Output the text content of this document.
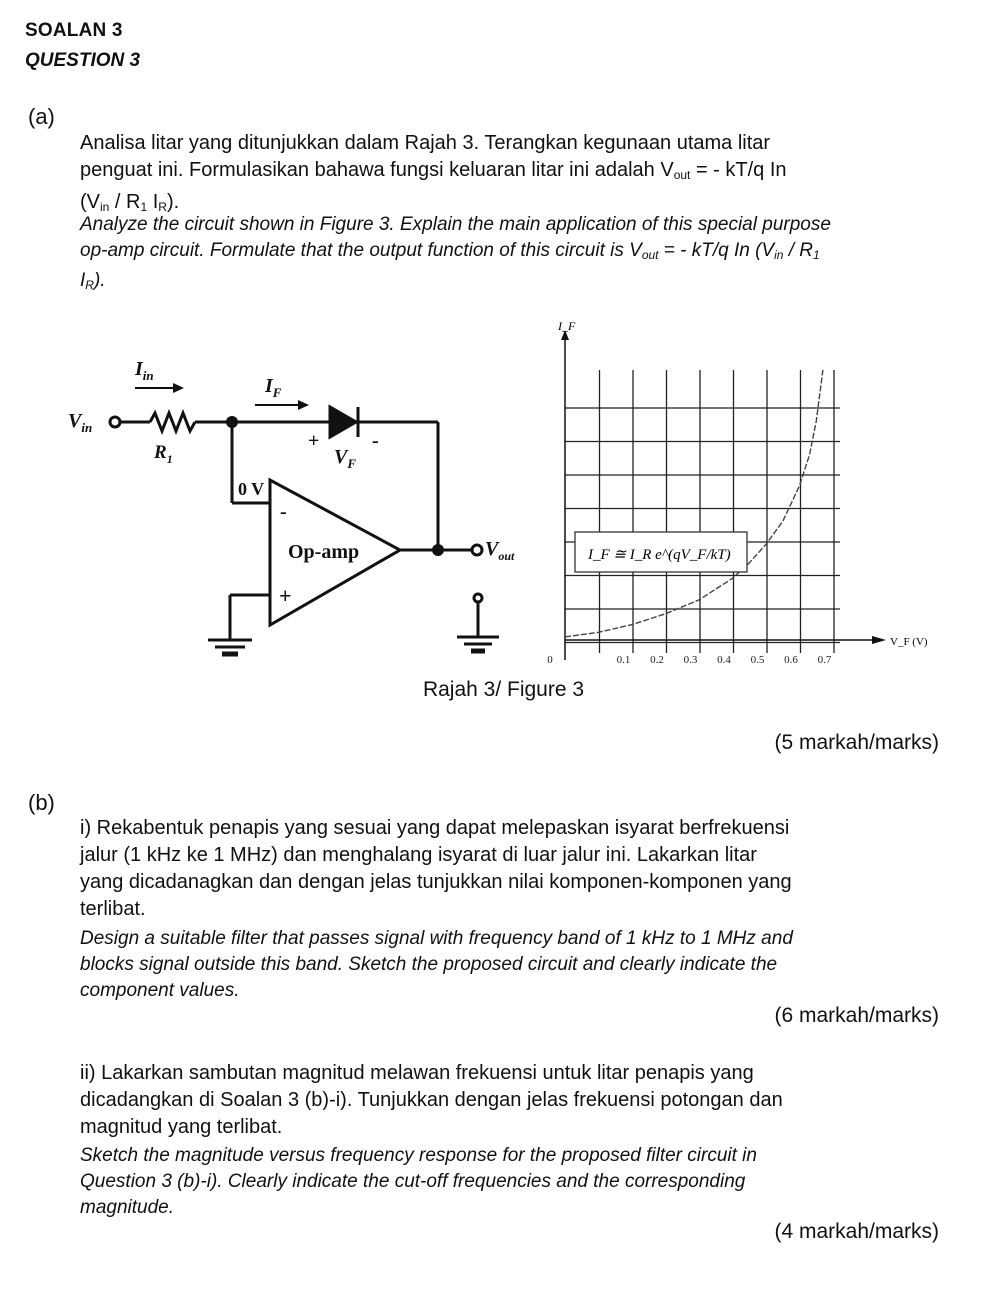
SOALAN 3
QUESTION 3
(a)
Analisa litar yang ditunjukkan dalam Rajah 3. Terangkan kegunaan utama litar
penguat ini. Formulasikan bahawa fungsi keluaran litar ini adalah $V_{out}$ = - kT/q In
($V_{in} / R_1$ $I_R$).
Analyze the circuit shown in Figure 3. Explain the main application of this special purpose
op-amp circuit. Formulate that the output function of this circuit is $V_{out}$ = - kT/q In ($V_{in} / R_1$
$I_R$).
$V_{in}$
$I_{in}$	$I_F$
$R_1$	$V_F$
$V_{out}$
+	-
0 V
Op-amp
-
+
I_F
V_F (V)
0	0.1 0.2 0.3 0.4 0.5 0.6 0.7
I_F ≅ I_R e^(qV_F/kT)
Rajah 3/ Figure 3
(5 markah/marks)
(b)
i) Rekabentuk penapis yang sesuai yang dapat melepaskan isyarat berfrekuensi
jalur (1 kHz ke 1 MHz) dan menghalang isyarat di luar jalur ini. Lakarkan litar
yang dicadanagkan dan dengan jelas tunjukkan nilai komponen-komponen yang
terlibat.
Design a suitable filter that passes signal with frequency band of 1 kHz to 1 MHz and
blocks signal outside this band. Sketch the proposed circuit and clearly indicate the
component values.
(6 markah/marks)
ii) Lakarkan sambutan magnitud melawan frekuensi untuk litar penapis yang
dicadangkan di Soalan 3 (b)-i). Tunjukkan dengan jelas frekuensi potongan dan
magnitud yang terlibat.
Sketch the magnitude versus frequency response for the proposed filter circuit in
Question 3 (b)-i). Clearly indicate the cut-off frequencies and the corresponding
magnitude.
(4 markah/marks)
